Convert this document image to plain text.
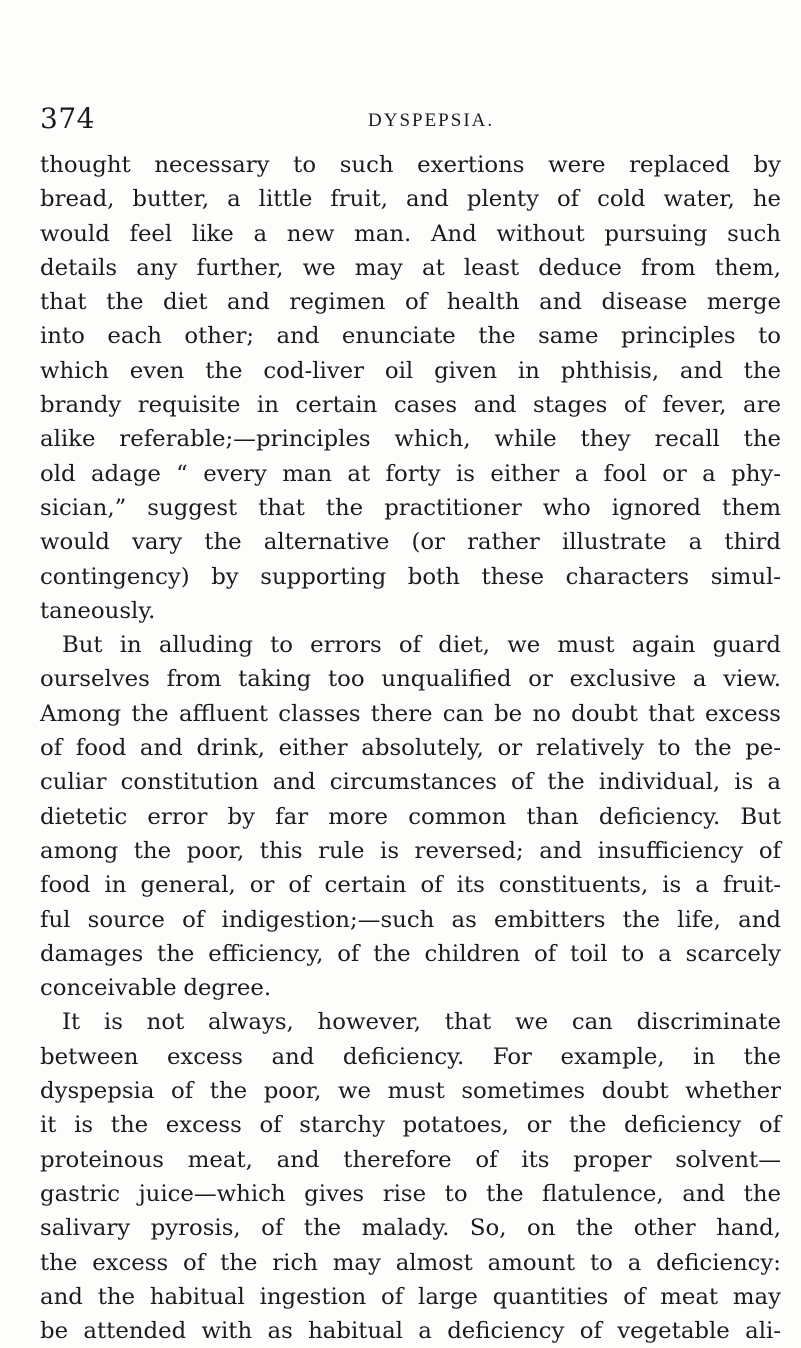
374	DYSPEPSIA.
thought necessary to such exertions were replaced by
bread, butter, a little fruit, and plenty of cold water, he
would feel like a new man. And without pursuing such
details any further, we may at least deduce from them,
that the diet and regimen of health and disease merge
into each other; and enunciate the same principles to
which even the cod-liver oil given in phthisis, and the
brandy requisite in certain cases and stages of fever, are
alike referable;—principles which, while they recall the
old adage “ every man at forty is either a fool or a phy-
sician,” suggest that the practitioner who ignored them
would vary the alternative (or rather illustrate a third
contingency) by supporting both these characters simul-
taneously.
But in alluding to errors of diet, we must again guard
ourselves from taking too unqualified or exclusive a view.
Among the affluent classes there can be no doubt that excess
of food and drink, either absolutely, or relatively to the pe-
culiar constitution and circumstances of the individual, is a
dietetic error by far more common than deficiency. But
among the poor, this rule is reversed; and insufficiency of
food in general, or of certain of its constituents, is a fruit-
ful source of indigestion;—such as embitters the life, and
damages the efficiency, of the children of toil to a scarcely
conceivable degree.
It is not always, however, that we can discriminate
between excess and deficiency. For example, in the
dyspepsia of the poor, we must sometimes doubt whether
it is the excess of starchy potatoes, or the deficiency of
proteinous meat, and therefore of its proper solvent—
gastric juice—which gives rise to the flatulence, and the
salivary pyrosis, of the malady. So, on the other hand,
the excess of the rich may almost amount to a deficiency:
and the habitual ingestion of large quantities of meat may
be attended with as habitual a deficiency of vegetable ali-
